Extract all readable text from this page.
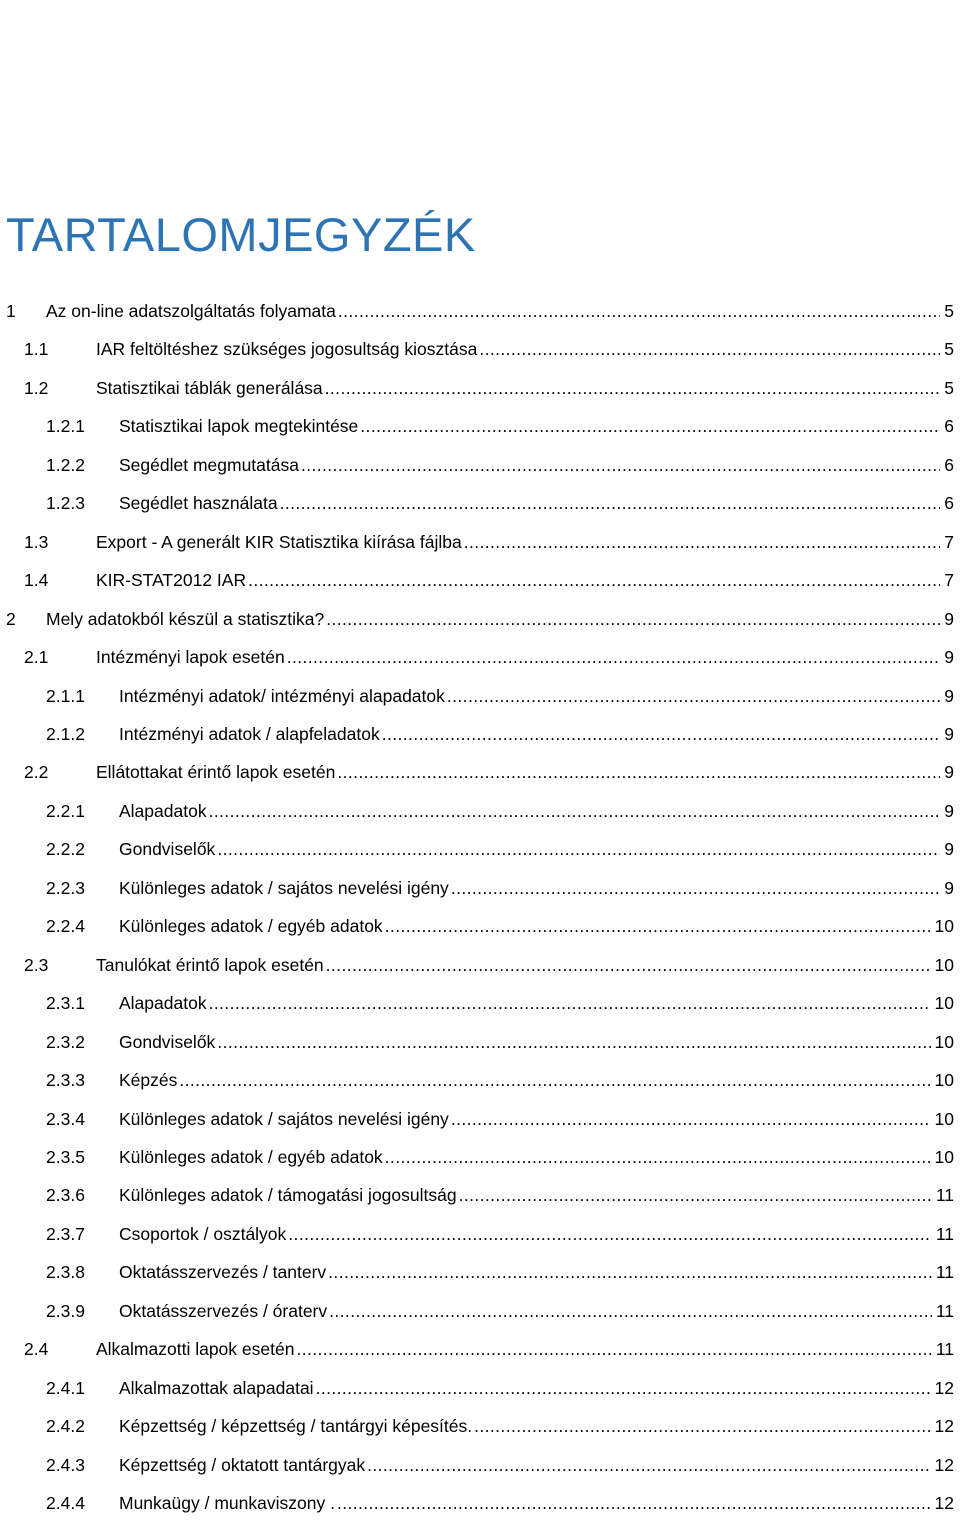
TARTALOMJEGYZÉK
1 Az on-line adatszolgáltatás folyamata .....	5
1.1	IAR feltöltéshez szükséges jogosultság kiosztása .....	5
1.2	Statisztikai táblák generálása .....	5
1.2.1 Statisztikai lapok megtekintése .....	6
1.2.2 Segédlet megmutatása .....	6
1.2.3 Segédlet használata .....	6
1.3	Export - A generált KIR Statisztika kiírása fájlba .....	7
1.4	KIR-STAT2012 IAR .....	7
2 Mely adatokból készül a statisztika? .....	9
2.1	Intézményi lapok esetén .....	9
2.1.1 Intézményi adatok/ intézményi alapadatok .....	9
2.1.2 Intézményi adatok / alapfeladatok .....	9
2.2	Ellátottakat érintő lapok esetén .....	9
2.2.1 Alapadatok .....	9
2.2.2 Gondviselők .....	9
2.2.3 Különleges adatok / sajátos nevelési igény .....	9
2.2.4 Különleges adatok / egyéb adatok .....	10
2.3	Tanulókat érintő lapok esetén .....	10
2.3.1 Alapadatok .....	10
2.3.2 Gondviselők .....	10
2.3.3 Képzés .....	10
2.3.4 Különleges adatok / sajátos nevelési igény .....	10
2.3.5 Különleges adatok / egyéb adatok .....	10
2.3.6 Különleges adatok / támogatási jogosultság .....	11
2.3.7 Csoportok / osztályok .....	11
2.3.8 Oktatásszervezés / tanterv .....	11
2.3.9 Oktatásszervezés / óraterv .....	11
2.4	Alkalmazotti lapok esetén .....	11
2.4.1 Alkalmazottak alapadatai .....	12
2.4.2 Képzettség / képzettség / tantárgyi képesítés. .....	12
2.4.3 Képzettség / oktatott tantárgyak .....	12
2.4.4 Munkaügy / munkaviszony . .....	12
